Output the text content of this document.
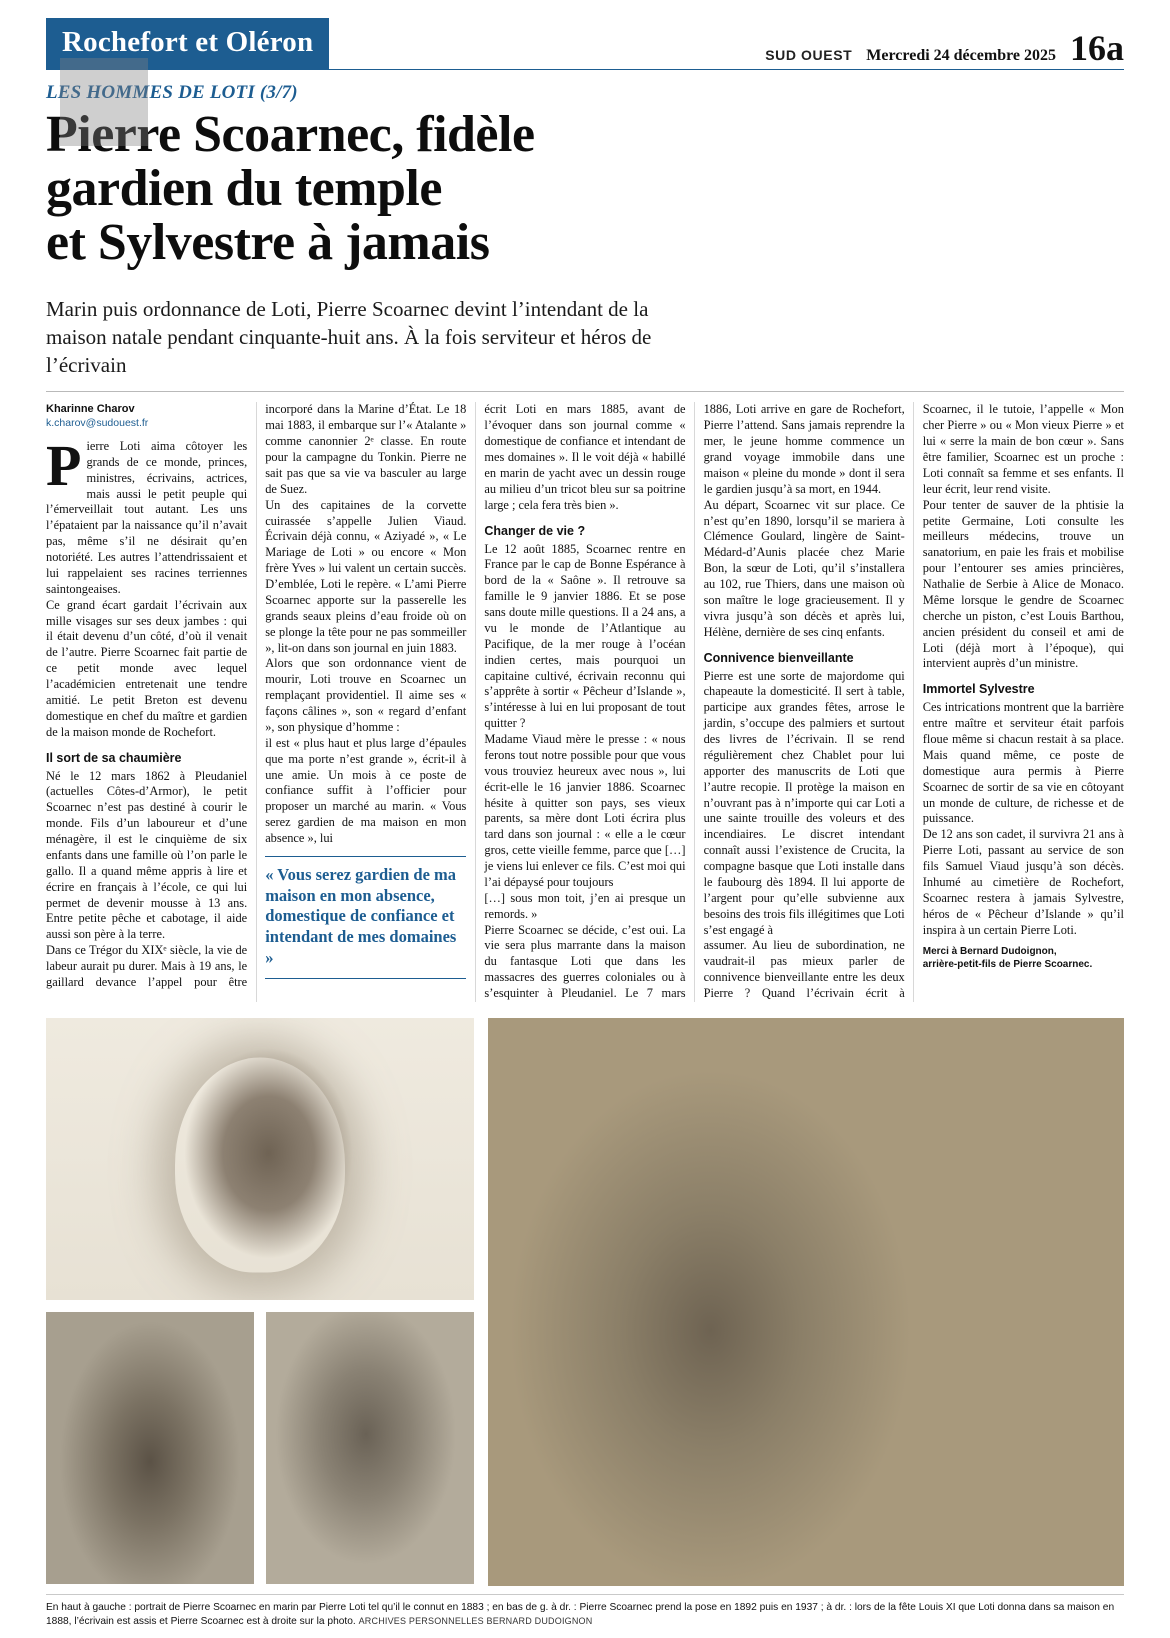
Rochefort et Oléron	SUD OUEST Mercredi 24 décembre 2025 16a
LES HOMMES DE LOTI (3/7)
Pierre Scoarnec, fidèle
gardien du temple
et Sylvestre à jamais
Marin puis ordonnance de Loti, Pierre Scoarnec devint l’intendant de la maison natale pendant cinquante-huit ans. À la fois serviteur et héros de l’écrivain
Kharinne Charov
k.charov@sudouest.fr

Pierre Loti aima côtoyer les grands de ce monde, princes, ministres, écrivains, actrices, mais aussi le petit peuple qui l’émerveillait tout autant. Les uns l’épataient par la naissance qu’il n’avait pas, même s’il ne désirait qu’en notoriété. Les autres l’attendrissaient et lui rappelaient ses racines terriennes saintongeaises.

Ce grand écart gardait l’écrivain aux mille visages sur ses deux jambes : qui il était devenu d’un côté, d’où il venait de l’autre. Pierre Scoarnec fait partie de ce petit monde avec lequel l’académicien entretenait une tendre amitié. Le petit Breton est devenu domestique en chef du maître et gardien de la maison monde de Rochefort.

Il sort de sa chaumière

Né le 12 mars 1862 à Pleudaniel (actuelles Côtes-d’Armor), le petit Scoarnec n’est pas destiné à courir le monde. Fils d’un laboureur et d’une ménagère, il est le cinquième de six enfants dans une famille où l’on parle le gallo. Il a quand même appris à lire et écrire en français à l’école, ce qui lui permet de devenir mousse à 13 ans. Entre petite pêche et cabotage, il aide aussi son père à la terre.

Dans ce Trégor du XIXᵉ siècle, la vie de labeur aurait pu durer. Mais à 19 ans, le gaillard devance l’appel pour être incorporé dans la Marine d’État. Le 18 mai 1883, il embarque sur l’« Atalante » comme canonnier 2ᵉ classe. En route pour la campagne du Tonkin. Pierre ne sait pas que sa vie va basculer au large de Suez.

Un des capitaines de la corvette cuirassée s’appelle Julien Viaud. Écrivain déjà connu, « Aziyadé », « Le Mariage de Loti » ou encore « Mon frère Yves » lui valent un certain succès. D’emblée, Loti le repère. « L’ami Pierre Scoarnec apporte sur la passerelle les grands seaux pleins d’eau froide où on se plonge la tête pour ne pas sommeiller », lit-on dans son journal en juin 1883.

Alors que son ordonnance vient de mourir, Loti trouve en Scoarnec un remplaçant providentiel. Il aime ses « façons câlines », son « regard d’enfant », son physique d’homme :

il est « plus haut et plus large d’épaules que ma porte n’est grande », écrit-il à une amie. Un mois à ce poste de confiance suffit à l’officier pour proposer un marché au marin. « Vous serez gardien de ma maison en mon absence », lui

« Vous serez gardien de ma maison en mon absence, domestique de confiance et intendant de mes domaines »

écrit Loti en mars 1885, avant de l’évoquer dans son journal comme « domestique de confiance et intendant de mes domaines ». Il le voit déjà « habillé en marin de yacht avec un dessin rouge au milieu d’un tricot bleu sur sa poitrine large ; cela fera très bien ».

Changer de vie ?

Le 12 août 1885, Scoarnec rentre en France par le cap de Bonne Espérance à bord de la « Saône ». Il retrouve sa famille le 9 janvier 1886. Et se pose sans doute mille questions. Il a 24 ans, a vu le monde de l’Atlantique au Pacifique, de la mer rouge à l’océan indien certes, mais pourquoi un capitaine cultivé, écrivain reconnu qui s’apprête à sortir « Pêcheur d’Islande », s’intéresse à lui en lui proposant de tout quitter ?

Madame Viaud mère le presse : « nous ferons tout notre possible pour que vous vous trouviez heureux avec nous », lui écrit-elle le 16 janvier 1886. Scoarnec hésite à quitter son pays, ses vieux parents, sa mère dont Loti écrira plus tard dans son journal : « elle a le cœur gros, cette vieille femme, parce que […] je viens lui enlever ce fils. C’est moi qui l’ai dépaysé pour toujours

[…] sous mon toit, j’en ai presque un remords. »

Pierre Scoarnec se décide, c’est oui. La vie sera plus marrante dans la maison du fantasque Loti que dans les massacres des guerres coloniales ou à s’esquinter à Pleudaniel. Le 7 mars 1886, Loti arrive en gare de Rochefort, Pierre l’attend. Sans jamais reprendre la mer, le jeune homme commence un grand voyage immobile dans une maison « pleine du monde » dont il sera le gardien jusqu’à sa mort, en 1944.

Au départ, Scoarnec vit sur place. Ce n’est qu’en 1890, lorsqu’il se mariera à Clémence Goulard, lingère de Saint-Médard-d’Aunis placée chez Marie Bon, la sœur de Loti, qu’il s’installera au 102, rue Thiers, dans une maison où son maître le loge gracieusement. Il y vivra jusqu’à son décès et après lui, Hélène, dernière de ses cinq enfants.

Connivence bienveillante

Pierre est une sorte de majordome qui chapeaute la domesticité. Il sert à table, participe aux grandes fêtes, arrose le jardin, s’occupe des palmiers et surtout des livres de l’écrivain. Il se rend régulièrement chez Chablet pour lui apporter des manuscrits de Loti que l’autre recopie. Il protège la maison en n’ouvrant pas à n’importe qui car Loti a une sainte trouille des voleurs et des incendiaires. Le discret intendant connaît aussi l’existence de Crucita, la compagne basque que Loti installe dans le faubourg dès 1894. Il lui apporte de l’argent pour qu’elle subvienne aux besoins des trois fils illégitimes que Loti s’est engagé à

assumer. Au lieu de subordination, ne vaudrait-il pas mieux parler de connivence bienveillante entre les deux Pierre ? Quand l’écrivain écrit à Scoarnec, il le tutoie, l’appelle « Mon cher Pierre » ou « Mon vieux Pierre » et lui « serre la main de bon cœur ». Sans être familier, Scoarnec est un proche : Loti connaît sa femme et ses enfants. Il leur écrit, leur rend visite.

Pour tenter de sauver de la phtisie la petite Germaine, Loti consulte les meilleurs médecins, trouve un sanatorium, en paie les frais et mobilise pour l’entourer ses amies princières, Nathalie de Serbie à Alice de Monaco. Même lorsque le gendre de Scoarnec cherche un piston, c’est Louis Barthou, ancien président du conseil et ami de Loti (déjà mort à l’époque), qui intervient auprès d’un ministre.

Immortel Sylvestre

Ces intrications montrent que la barrière entre maître et serviteur était parfois floue même si chacun restait à sa place. Mais quand même, ce poste de domestique aura permis à Pierre Scoarnec de sortir de sa vie en côtoyant un monde de culture, de richesse et de puissance.

De 12 ans son cadet, il survivra 21 ans à Pierre Loti, passant au service de son fils Samuel Viaud jusqu’à son décès. Inhumé au cimetière de Rochefort, Scoarnec restera à jamais Sylvestre, héros de « Pêcheur d’Islande » qu’il inspira à un certain Pierre Loti.

Merci à Bernard Dudoignon,
arrière-petit-fils de Pierre Scoarnec.
En haut à gauche : portrait de Pierre Scoarnec en marin par Pierre Loti tel qu’il le connut en 1883 ; en bas de g. à dr. : Pierre Scoarnec prend la pose en 1892 puis en 1937 ; à dr. : lors de la fête Louis XI que Loti donna dans sa maison en 1888, l’écrivain est assis et Pierre Scoarnec est à droite sur la photo. ARCHIVES PERSONNELLES BERNARD DUDOIGNON
